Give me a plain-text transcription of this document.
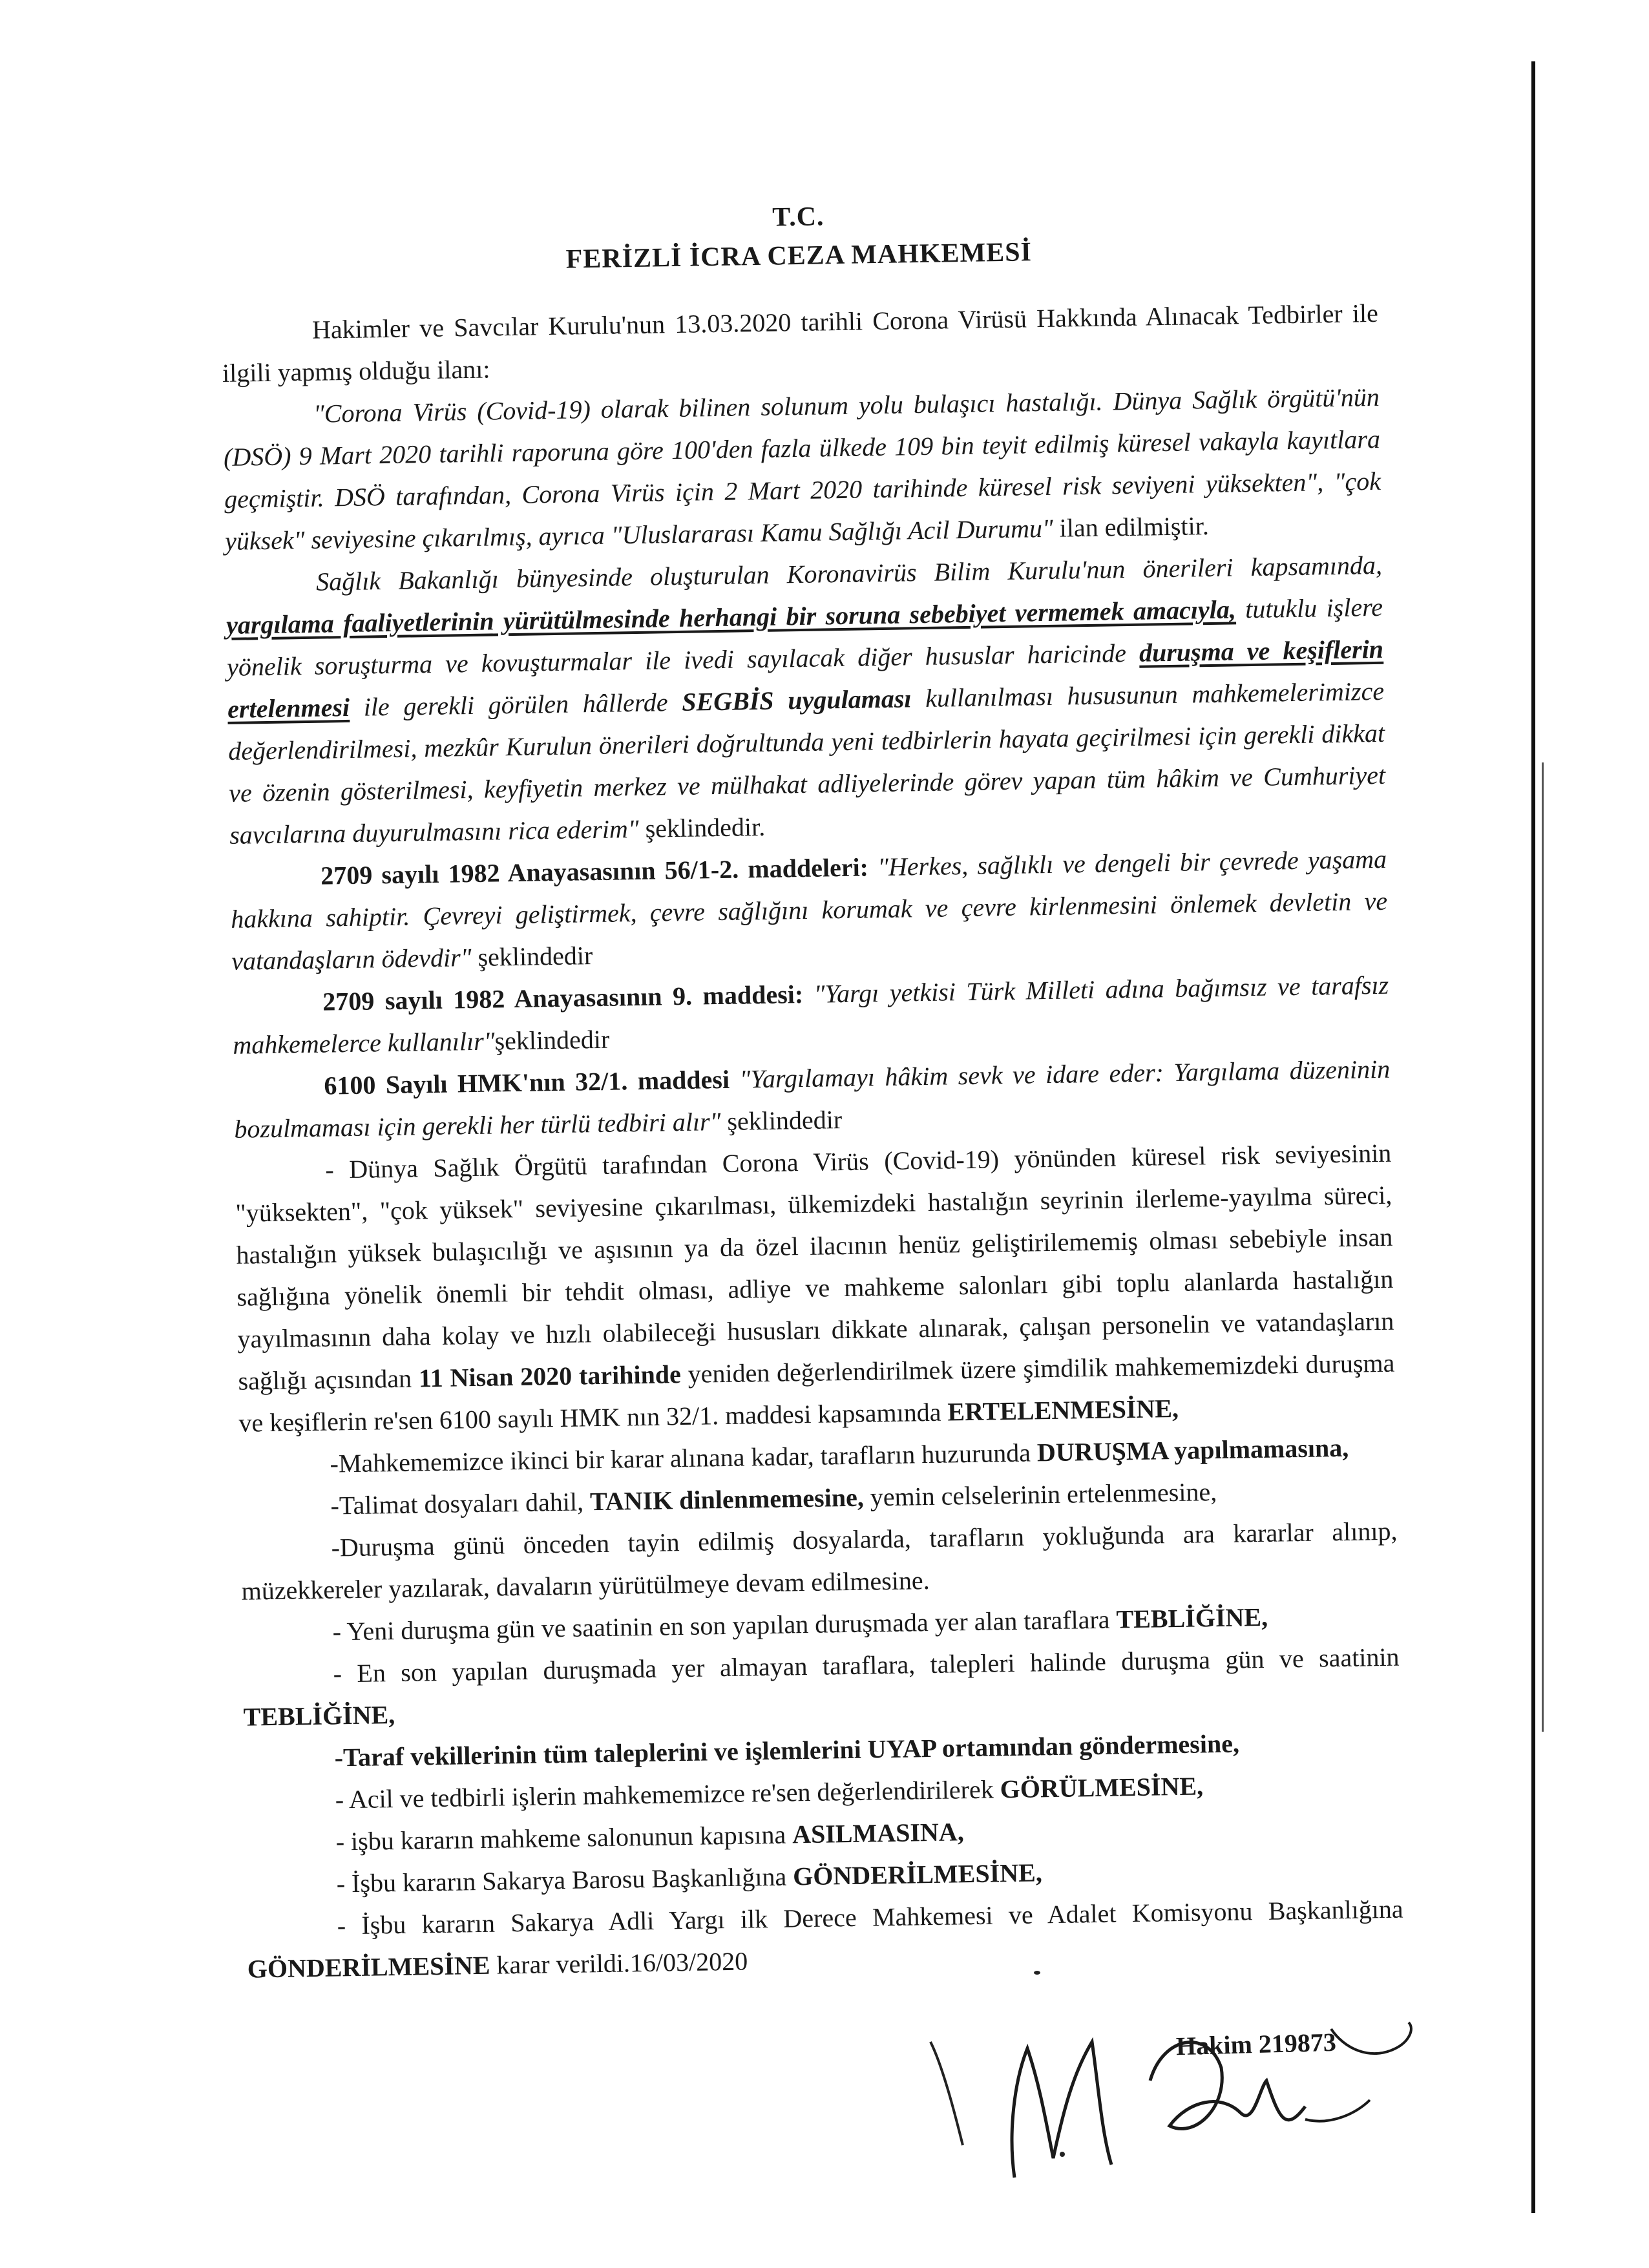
T.C.
FERİZLİ İCRA CEZA MAHKEMESİ

Hakimler ve Savcılar Kurulu'nun 13.03.2020 tarihli Corona Virüsü Hakkında Alınacak Tedbirler ile ilgili yapmış olduğu ilanı:

"Corona Virüs (Covid-19) olarak bilinen solunum yolu bulaşıcı hastalığı. Dünya Sağlık örgütü'nün (DSÖ) 9 Mart 2020 tarihli raporuna göre 100'den fazla ülkede 109 bin teyit edilmiş küresel vakayla kayıtlara geçmiştir. DSÖ tarafından, Corona Virüs için 2 Mart 2020 tarihinde küresel risk seviyeni yüksekten", "çok yüksek" seviyesine çıkarılmış, ayrıca "Uluslararası Kamu Sağlığı Acil Durumu" ilan edilmiştir.

Sağlık Bakanlığı bünyesinde oluşturulan Koronavirüs Bilim Kurulu'nun önerileri kapsamında, yargılama faaliyetlerinin yürütülmesinde herhangi bir soruna sebebiyet vermemek amacıyla, tutuklu işlere yönelik soruşturma ve kovuşturmalar ile ivedi sayılacak diğer hususlar haricinde duruşma ve keşiflerin ertelenmesi ile gerekli görülen hâllerde SEGBİS uygulaması kullanılması hususunun mahkemelerimizce değerlendirilmesi, mezkûr Kurulun önerileri doğrultunda yeni tedbirlerin hayata geçirilmesi için gerekli dikkat ve özenin gösterilmesi, keyfiyetin merkez ve mülhakat adliyelerinde görev yapan tüm hâkim ve Cumhuriyet savcılarına duyurulmasını rica ederim" şeklindedir.

2709 sayılı 1982 Anayasasının 56/1-2. maddeleri: "Herkes, sağlıklı ve dengeli bir çevrede yaşama hakkına sahiptir. Çevreyi geliştirmek, çevre sağlığını korumak ve çevre kirlenmesini önlemek devletin ve vatandaşların ödevdir" şeklindedir

2709 sayılı 1982 Anayasasının 9. maddesi: "Yargı yetkisi Türk Milleti adına bağımsız ve tarafsız mahkemelerce kullanılır"şeklindedir

6100 Sayılı HMK'nın 32/1. maddesi "Yargılamayı hâkim sevk ve idare eder: Yargılama düzeninin bozulmaması için gerekli her türlü tedbiri alır" şeklindedir

- Dünya Sağlık Örgütü tarafından Corona Virüs (Covid-19) yönünden küresel risk seviyesinin "yüksekten", "çok yüksek" seviyesine çıkarılması, ülkemizdeki hastalığın seyrinin ilerleme-yayılma süreci, hastalığın yüksek bulaşıcılığı ve aşısının ya da özel ilacının henüz geliştirilememiş olması sebebiyle insan sağlığına yönelik önemli bir tehdit olması, adliye ve mahkeme salonları gibi toplu alanlarda hastalığın yayılmasının daha kolay ve hızlı olabileceği hususları dikkate alınarak, çalışan personelin ve vatandaşların sağlığı açısından 11 Nisan 2020 tarihinde yeniden değerlendirilmek üzere şimdilik mahkememizdeki duruşma ve keşiflerin re'sen 6100 sayılı HMK nın 32/1. maddesi kapsamında ERTELENMESİNE,

-Mahkememizce ikinci bir karar alınana kadar, tarafların huzurunda DURUŞMA yapılmamasına,

-Talimat dosyaları dahil, TANIK dinlenmemesine, yemin celselerinin ertelenmesine,

-Duruşma günü önceden tayin edilmiş dosyalarda, tarafların yokluğunda ara kararlar alınıp, müzekkereler yazılarak, davaların yürütülmeye devam edilmesine.

- Yeni duruşma gün ve saatinin en son yapılan duruşmada yer alan taraflara TEBLİĞİNE,

- En son yapılan duruşmada yer almayan taraflara, talepleri halinde duruşma gün ve saatinin TEBLİĞİNE,

-Taraf vekillerinin tüm taleplerini ve işlemlerini UYAP ortamından göndermesine,

- Acil ve tedbirli işlerin mahkememizce re'sen değerlendirilerek GÖRÜLMESİNE,

- işbu kararın mahkeme salonunun kapısına ASILMASINA,

- İşbu kararın Sakarya Barosu Başkanlığına GÖNDERİLMESİNE,

- İşbu kararın Sakarya Adli Yargı ilk Derece Mahkemesi ve Adalet Komisyonu Başkanlığına GÖNDERİLMESİNE karar verildi.16/03/2020

Hakim 219873
